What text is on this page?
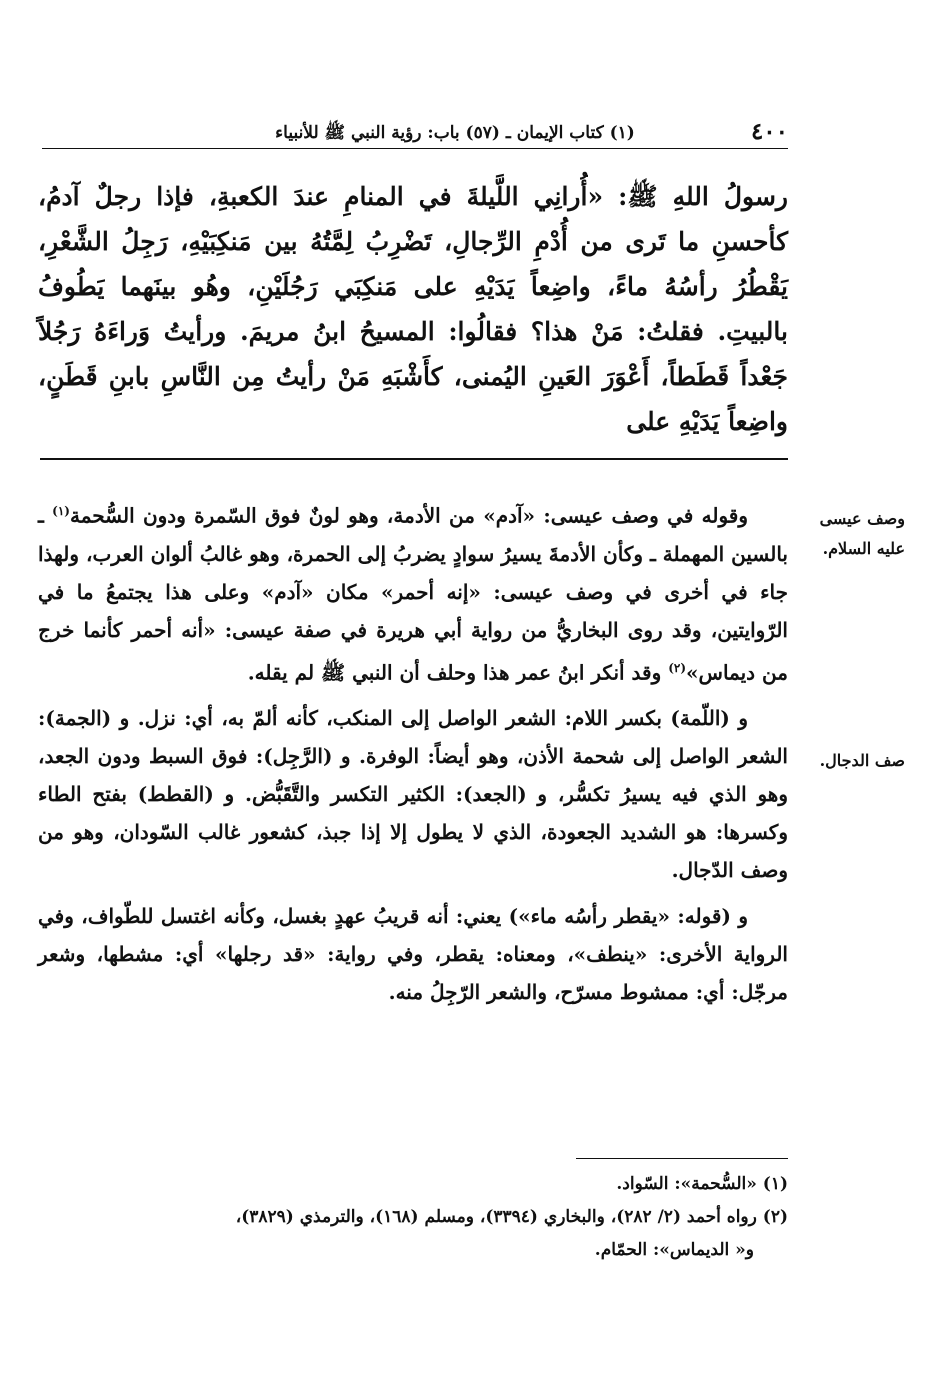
٤٠٠
(١) كتاب الإيمان ـ (٥٧) باب: رؤية النبي ﷺ للأنبياء

رسولُ اللهِ ﷺ: «أُرانِي اللَّيلةَ في المنامِ عندَ الكعبةِ، فإذا رجلٌ آدمُ، كأحسنِ ما تَرى من أُدْمِ الرِّجالِ، تَضْرِبُ لِمَّتُهُ بين مَنكِبَيْهِ، رَجِلُ الشَّعْرِ، يَقْطُرُ رأسُهُ ماءً، واضِعاً يَدَيْهِ على مَنكِبَي رَجُلَيْنِ، وهُو بينَهما يَطُوفُ بالبيتِ. فقلتُ: مَنْ هذا؟ فقالُوا: المسيحُ ابنُ مريمَ. ورأيتُ وَراءَهُ رَجُلاً جَعْداً قَطَطاً، أَعْوَرَ العَينِ اليُمنى، كأَشْبَهِ مَنْ رأيتُ مِن النَّاسِ بابنِ قَطَنٍ، واضِعاً يَدَيْهِ على

وصف عيسى عليه السلام.
صف الدجال.

وقوله في وصف عيسى: «آدم» من الأدمة، وهو لونٌ فوق السّمرة ودون السُّحمة$^{(١)}$ ـ بالسين المهملة ـ وكأن الأدمةَ يسيرُ سوادٍ يضربُ إلى الحمرة، وهو غالبُ ألوان العرب، ولهذا جاء في أخرى في وصف عيسى: «إنه أحمر» مكان «آدم» وعلى هذا يجتمعُ ما في الرّوايتين، وقد روى البخاريُّ من رواية أبي هريرة في صفة عيسى: «أنه أحمر كأنما خرج من ديماس»$^{(٢)}$ وقد أنكر ابنُ عمر هذا وحلف أن النبي ﷺ لم يقله.

و (اللّمة) بكسر اللام: الشعر الواصل إلى المنكب، كأنه ألمّ به، أي: نزل. و (الجمة): الشعر الواصل إلى شحمة الأذن، وهو أيضاً: الوفرة. و (الرَّجِل): فوق السبط ودون الجعد، وهو الذي فيه يسيرُ تكسُّر، و (الجعد): الكثير التكسر والتَّقَبُّض. و (القطط) بفتح الطاء وكسرها: هو الشديد الجعودة، الذي لا يطول إلا إذا جبذ، كشعور غالب السّودان، وهو من وصف الدّجال.

و (قوله: «يقطر رأسُه ماء») يعني: أنه قريبُ عهدٍ بغسل، وكأنه اغتسل للطّواف، وفي الرواية الأخرى: «ينطف»، ومعناه: يقطر، وفي رواية: «قد رجلها» أي: مشطها، وشعر مرجّل: أي: ممشوط مسرّح، والشعر الرّجِلُ منه.

(١) «السُّحمة»: السّواد.

(٢) رواه أحمد (٢/ ٢٨٢)، والبخاري (٣٣٩٤)، ومسلم (١٦٨)، والترمذي (٣٨٢٩)،

و« الديماس»: الحمّام.
